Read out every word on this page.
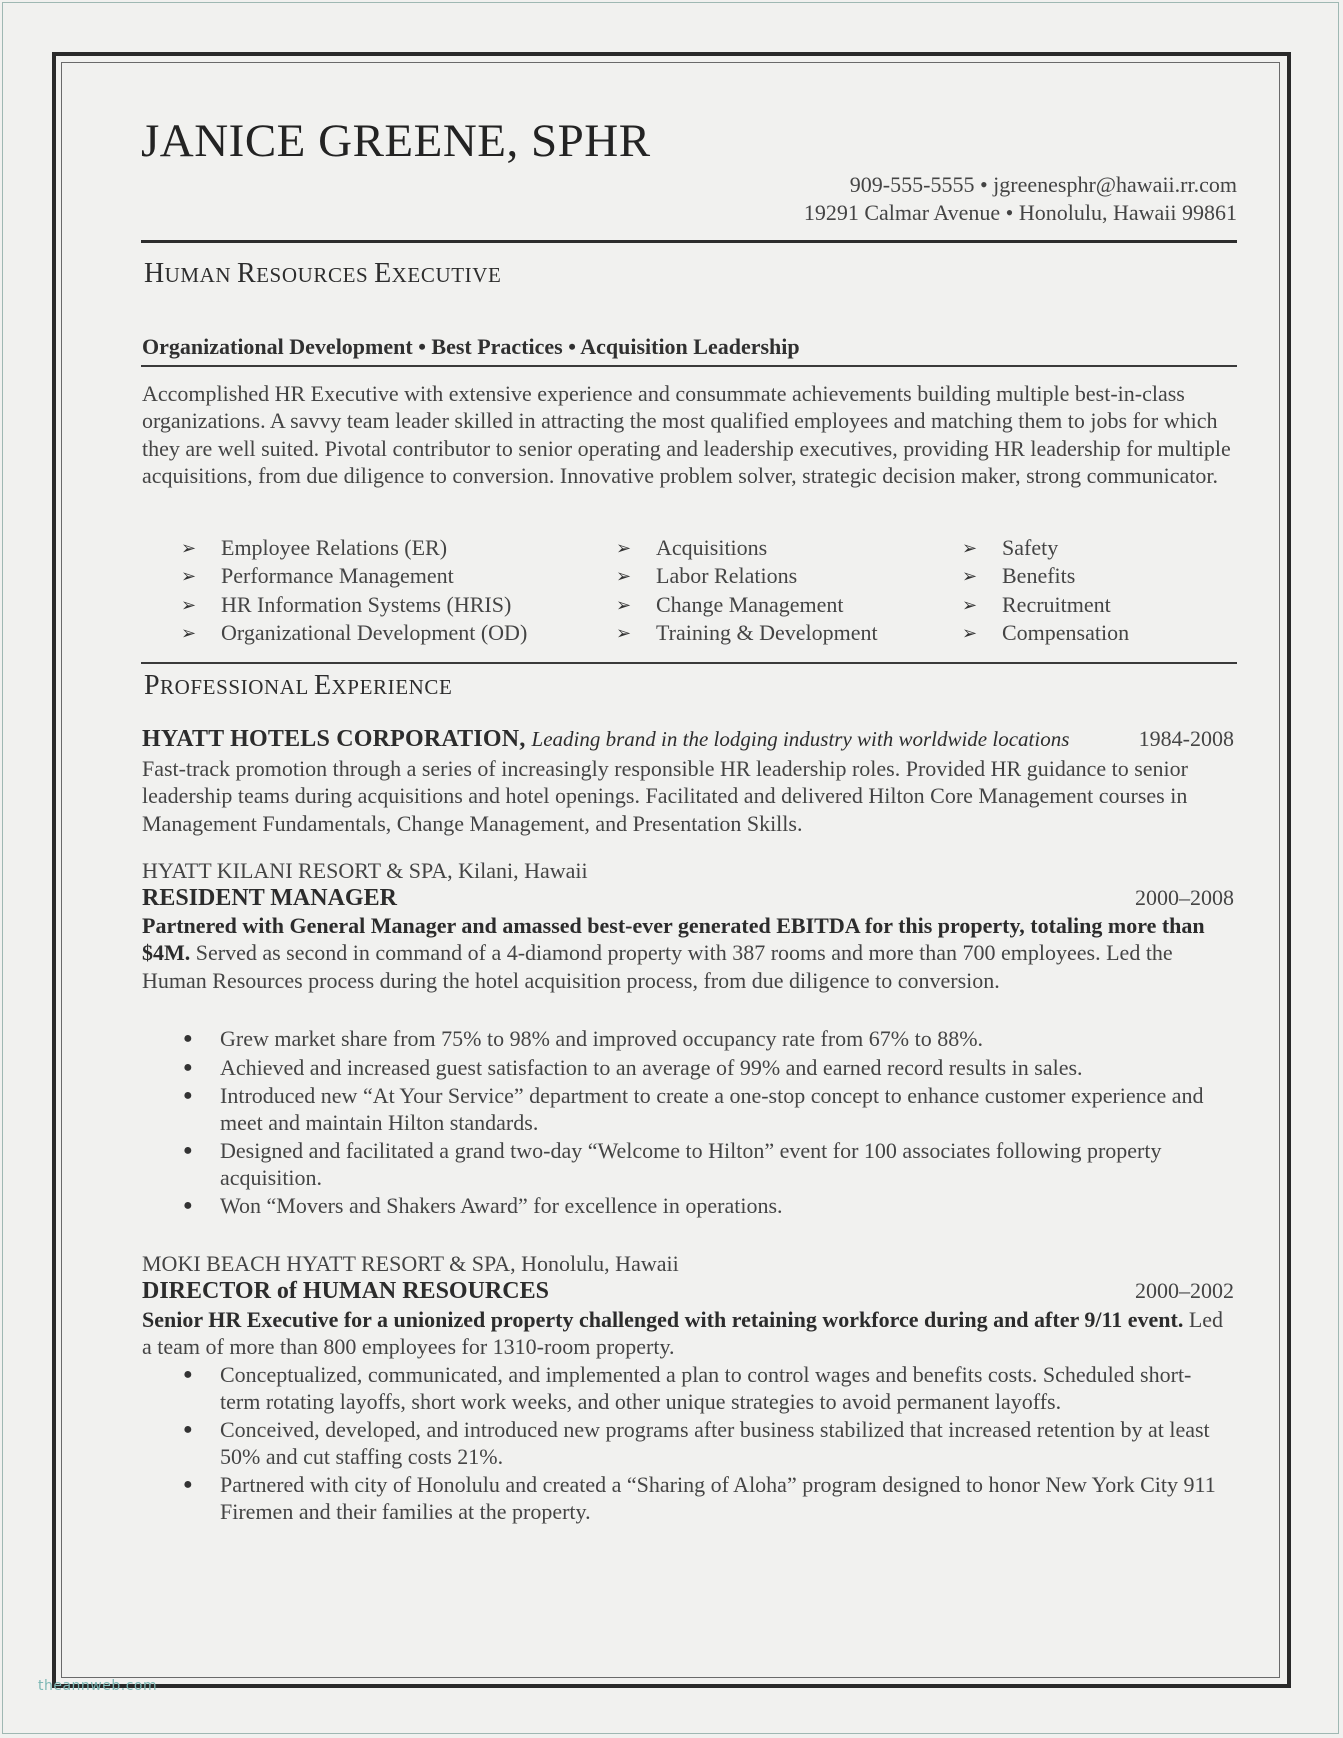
JANICE GREENE, SPHR
909-555-5555 • jgreenesphr@hawaii.rr.com
19291 Calmar Avenue • Honolulu, Hawaii 99861
HUMAN RESOURCES EXECUTIVE
Organizational Development • Best Practices • Acquisition Leadership

Accomplished HR Executive with extensive experience and consummate achievements building multiple best-in-class organizations. A savvy team leader skilled in attracting the most qualified employees and matching them to jobs for which they are well suited. Pivotal contributor to senior operating and leadership executives, providing HR leadership for multiple acquisitions, from due diligence to conversion. Innovative problem solver, strategic decision maker, strong communicator.

➢	Employee Relations (ER)
➢	Performance Management
➢	HR Information Systems (HRIS)
➢	Organizational Development (OD)
➢	Acquisitions
➢	Labor Relations
➢	Change Management
➢	Training & Development
➢	Safety
➢	Benefits
➢	Recruitment
➢	Compensation
PROFESSIONAL EXPERIENCE
HYATT HOTELS CORPORATION, Leading brand in the lodging industry with worldwide locations	1984-2008

Fast-track promotion through a series of increasingly responsible HR leadership roles. Provided HR guidance to senior leadership teams during acquisitions and hotel openings. Facilitated and delivered Hilton Core Management courses in Management Fundamentals, Change Management, and Presentation Skills.

HYATT KILANI RESORT & SPA, Kilani, Hawaii
RESIDENT MANAGER	2000–2008

Partnered with General Manager and amassed best-ever generated EBITDA for this property, totaling more than $4M. Served as second in command of a 4-diamond property with 387 rooms and more than 700 employees. Led the Human Resources process during the hotel acquisition process, from due diligence to conversion.

● Grew market share from 75% to 98% and improved occupancy rate from 67% to 88%.
● Achieved and increased guest satisfaction to an average of 99% and earned record results in sales.
● Introduced new “At Your Service” department to create a one-stop concept to enhance customer experience and meet and maintain Hilton standards.
● Designed and facilitated a grand two-day “Welcome to Hilton” event for 100 associates following property acquisition.
● Won “Movers and Shakers Award” for excellence in operations.
MOKI BEACH HYATT RESORT & SPA, Honolulu, Hawaii
DIRECTOR of HUMAN RESOURCES	2000–2002

Senior HR Executive for a unionized property challenged with retaining workforce during and after 9/11 event. Led a team of more than 800 employees for 1310-room property.

● Conceptualized, communicated, and implemented a plan to control wages and benefits costs. Scheduled short-term rotating layoffs, short work weeks, and other unique strategies to avoid permanent layoffs.
● Conceived, developed, and introduced new programs after business stabilized that increased retention by at least 50% and cut staffing costs 21%.
● Partnered with city of Honolulu and created a “Sharing of Aloha” program designed to honor New York City 911 Firemen and their families at the property.
theannweb.com
